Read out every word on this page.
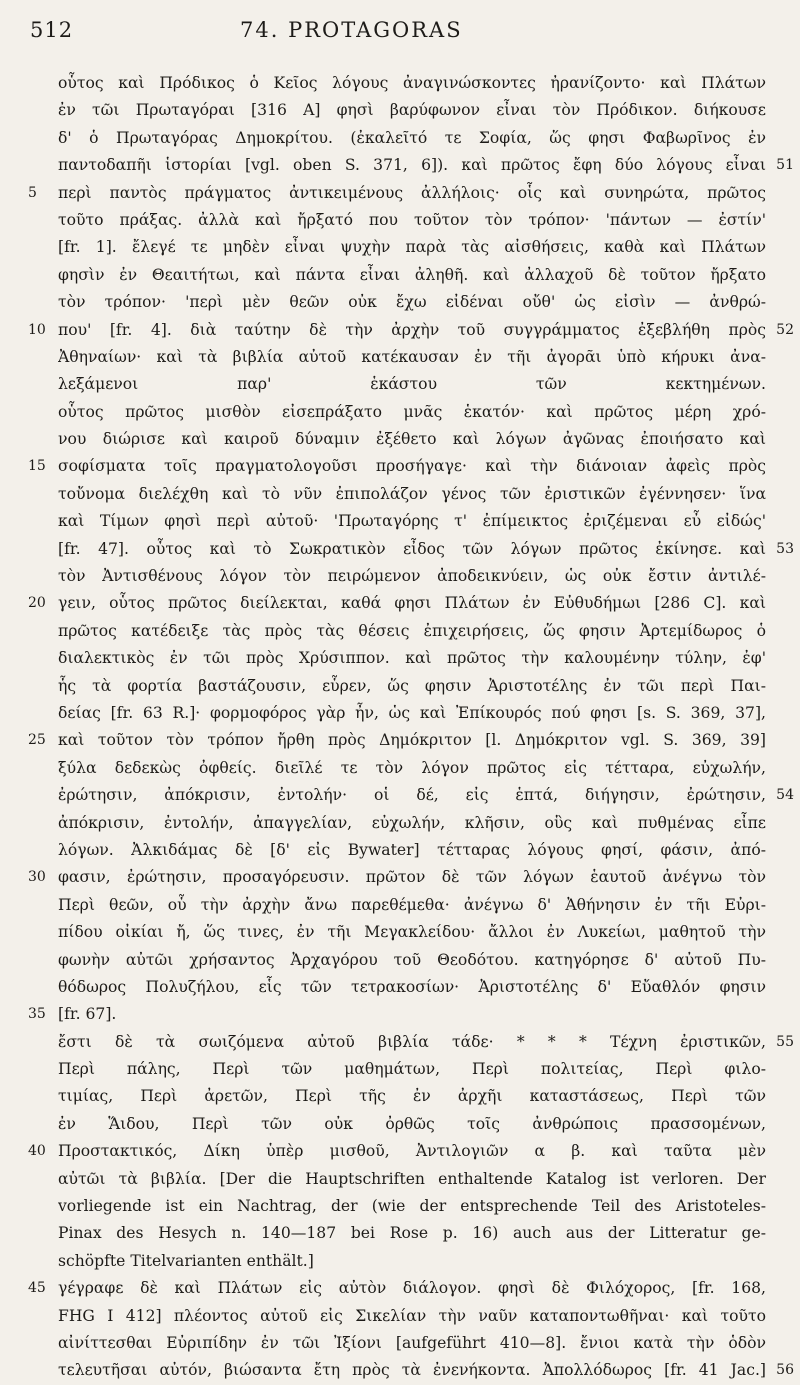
512	74. PROTAGORAS
οὗτος καὶ Πρόδικος ὁ Κεῖος λόγους ἀναγινώσκοντες ἠρανίζοντο· καὶ Πλάτων
ἐν τῶι Πρωταγόραι [316 A] φησὶ βαρύφωνον εἶναι τὸν Πρόδικον. διήκουσε
δ' ὁ Πρωταγόρας Δημοκρίτου. (ἐκαλεῖτό τε Σοφία, ὥς φησι Φαβωρῖνος ἐν
παντοδαπῆι ἱστορίαι [vgl. oben S. 371, 6]). καὶ πρῶτος ἔφη δύο λόγους εἶναι 51
5	περὶ παντὸς πράγματος ἀντικειμένους ἀλλήλοις· οἷς καὶ συνηρώτα, πρῶτος
τοῦτο πράξας. ἀλλὰ καὶ ἤρξατό που τοῦτον τὸν τρόπον· 'πάντων — ἐστίν'
[fr. 1]. ἔλεγέ τε μηδὲν εἶναι ψυχὴν παρὰ τὰς αἰσθήσεις, καθὰ καὶ Πλάτων
φησὶν ἐν Θεαιτήτωι, καὶ πάντα εἶναι ἀληθῆ. καὶ ἀλλαχοῦ δὲ τοῦτον ἤρξατο
τὸν τρόπον· 'περὶ μὲν θεῶν οὐκ ἔχω εἰδέναι οὔθ' ὡς εἰσὶν — ἀνθρώ-
10 που' [fr. 4]. διὰ ταύτην δὲ τὴν ἀρχὴν τοῦ συγγράμματος ἐξεβλήθη πρὸς 52
Ἀθηναίων· καὶ τὰ βιβλία αὐτοῦ κατέκαυσαν ἐν τῆι ἀγορᾶι ὑπὸ κήρυκι ἀνα-
λεξάμενοι παρ' ἑκάστου τῶν κεκτημένων.
οὗτος πρῶτος μισθὸν εἰσεπράξατο μνᾶς ἑκατόν· καὶ πρῶτος μέρη χρό-
νου διώρισε καὶ καιροῦ δύναμιν ἐξέθετο καὶ λόγων ἀγῶνας ἐποιήσατο καὶ
15 σοφίσματα τοῖς πραγματολογοῦσι προσήγαγε· καὶ τὴν διάνοιαν ἀφεὶς πρὸς
τοὔνομα διελέχθη καὶ τὸ νῦν ἐπιπολάζον γένος τῶν ἐριστικῶν ἐγέννησεν· ἵνα
καὶ Τίμων φησὶ περὶ αὐτοῦ· 'Πρωταγόρης τ' ἐπίμεικτος ἐριζέμεναι εὖ εἰδώς'
[fr. 47]. οὗτος καὶ τὸ Σωκρατικὸν εἶδος τῶν λόγων πρῶτος ἐκίνησε. καὶ 53
τὸν Ἀντισθένους λόγον τὸν πειρώμενον ἀποδεικνύειν, ὡς οὐκ ἔστιν ἀντιλέ-
20 γειν, οὗτος πρῶτος διείλεκται, καθά φησι Πλάτων ἐν Εὐθυδήμωι [286 C]. καὶ
πρῶτος κατέδειξε τὰς πρὸς τὰς θέσεις ἐπιχειρήσεις, ὥς φησιν Ἀρτεμίδωρος ὁ
διαλεκτικὸς ἐν τῶι πρὸς Χρύσιππον. καὶ πρῶτος τὴν καλουμένην τύλην, ἐφ'
ἧς τὰ φορτία βαστάζουσιν, εὗρεν, ὥς φησιν Ἀριστοτέλης ἐν τῶι περὶ Παι-
δείας [fr. 63 R.]· φορμοφόρος γὰρ ἦν, ὡς καὶ Ἐπίκουρός πού φησι [s. S. 369, 37],
25 καὶ τοῦτον τὸν τρόπον ἤρθη πρὸς Δημόκριτον [l. Δημόκριτον vgl. S. 369, 39]
ξύλα δεδεκὼς ὀφθείς. διεῖλέ τε τὸν λόγον πρῶτος εἰς τέτταρα, εὐχωλήν,
ἐρώτησιν, ἀπόκρισιν, ἐντολήν· οἱ δέ, εἰς ἑπτά, διήγησιν, ἐρώτησιν, 54
ἀπόκρισιν, ἐντολήν, ἀπαγγελίαν, εὐχωλήν, κλῆσιν, οὓς καὶ πυθμένας εἶπε
λόγων. Ἀλκιδάμας δὲ [δ' εἰς Bywater] τέτταρας λόγους φησί, φάσιν, ἀπό-
30 φασιν, ἐρώτησιν, προσαγόρευσιν. πρῶτον δὲ τῶν λόγων ἑαυτοῦ ἀνέγνω τὸν
Περὶ θεῶν, οὗ τὴν ἀρχὴν ἄνω παρεθέμεθα· ἀνέγνω δ' Ἀθήνησιν ἐν τῆι Εὐρι-
πίδου οἰκίαι ἤ, ὥς τινες, ἐν τῆι Μεγακλείδου· ἄλλοι ἐν Λυκείωι, μαθητοῦ τὴν
φωνὴν αὐτῶι χρήσαντος Ἀρχαγόρου τοῦ Θεοδότου. κατηγόρησε δ' αὐτοῦ Πυ-
θόδωρος Πολυζήλου, εἷς τῶν τετρακοσίων· Ἀριστοτέλης δ' Εὔαθλόν φησιν
35 [fr. 67].
ἔστι δὲ τὰ σωιζόμενα αὐτοῦ βιβλία τάδε· * * * Τέχνη ἐριστικῶν, 55
Περὶ πάλης, Περὶ τῶν μαθημάτων, Περὶ πολιτείας, Περὶ φιλο-
τιμίας, Περὶ ἀρετῶν, Περὶ τῆς ἐν ἀρχῆι καταστάσεως, Περὶ τῶν
ἐν Ἅιδου, Περὶ τῶν οὐκ ὀρθῶς τοῖς ἀνθρώποις πρασσομένων,
40 Προστακτικός, Δίκη ὑπὲρ μισθοῦ, Ἀντιλογιῶν α β. καὶ ταῦτα μὲν
αὐτῶι τὰ βιβλία. [Der die Hauptschriften enthaltende Katalog ist verloren. Der
vorliegende ist ein Nachtrag, der (wie der entsprechende Teil des Aristoteles-
Pinax des Hesych n. 140—187 bei Rose p. 16) auch aus der Litteratur ge-
schöpfte Titelvarianten enthält.]
45 γέγραφε δὲ καὶ Πλάτων εἰς αὐτὸν διάλογον. φησὶ δὲ Φιλόχορος, [fr. 168,
FHG I 412] πλέοντος αὐτοῦ εἰς Σικελίαν τὴν ναῦν καταποντωθῆναι· καὶ τοῦτο
αἰνίττεσθαι Εὐριπίδην ἐν τῶι Ἰξίονι [aufgeführt 410—8]. ἔνιοι κατὰ τὴν ὁδὸν
τελευτῆσαι αὐτόν, βιώσαντα ἔτη πρὸς τὰ ἐνενήκοντα. Ἀπολλόδωρος [fr. 41 Jac.] 56
